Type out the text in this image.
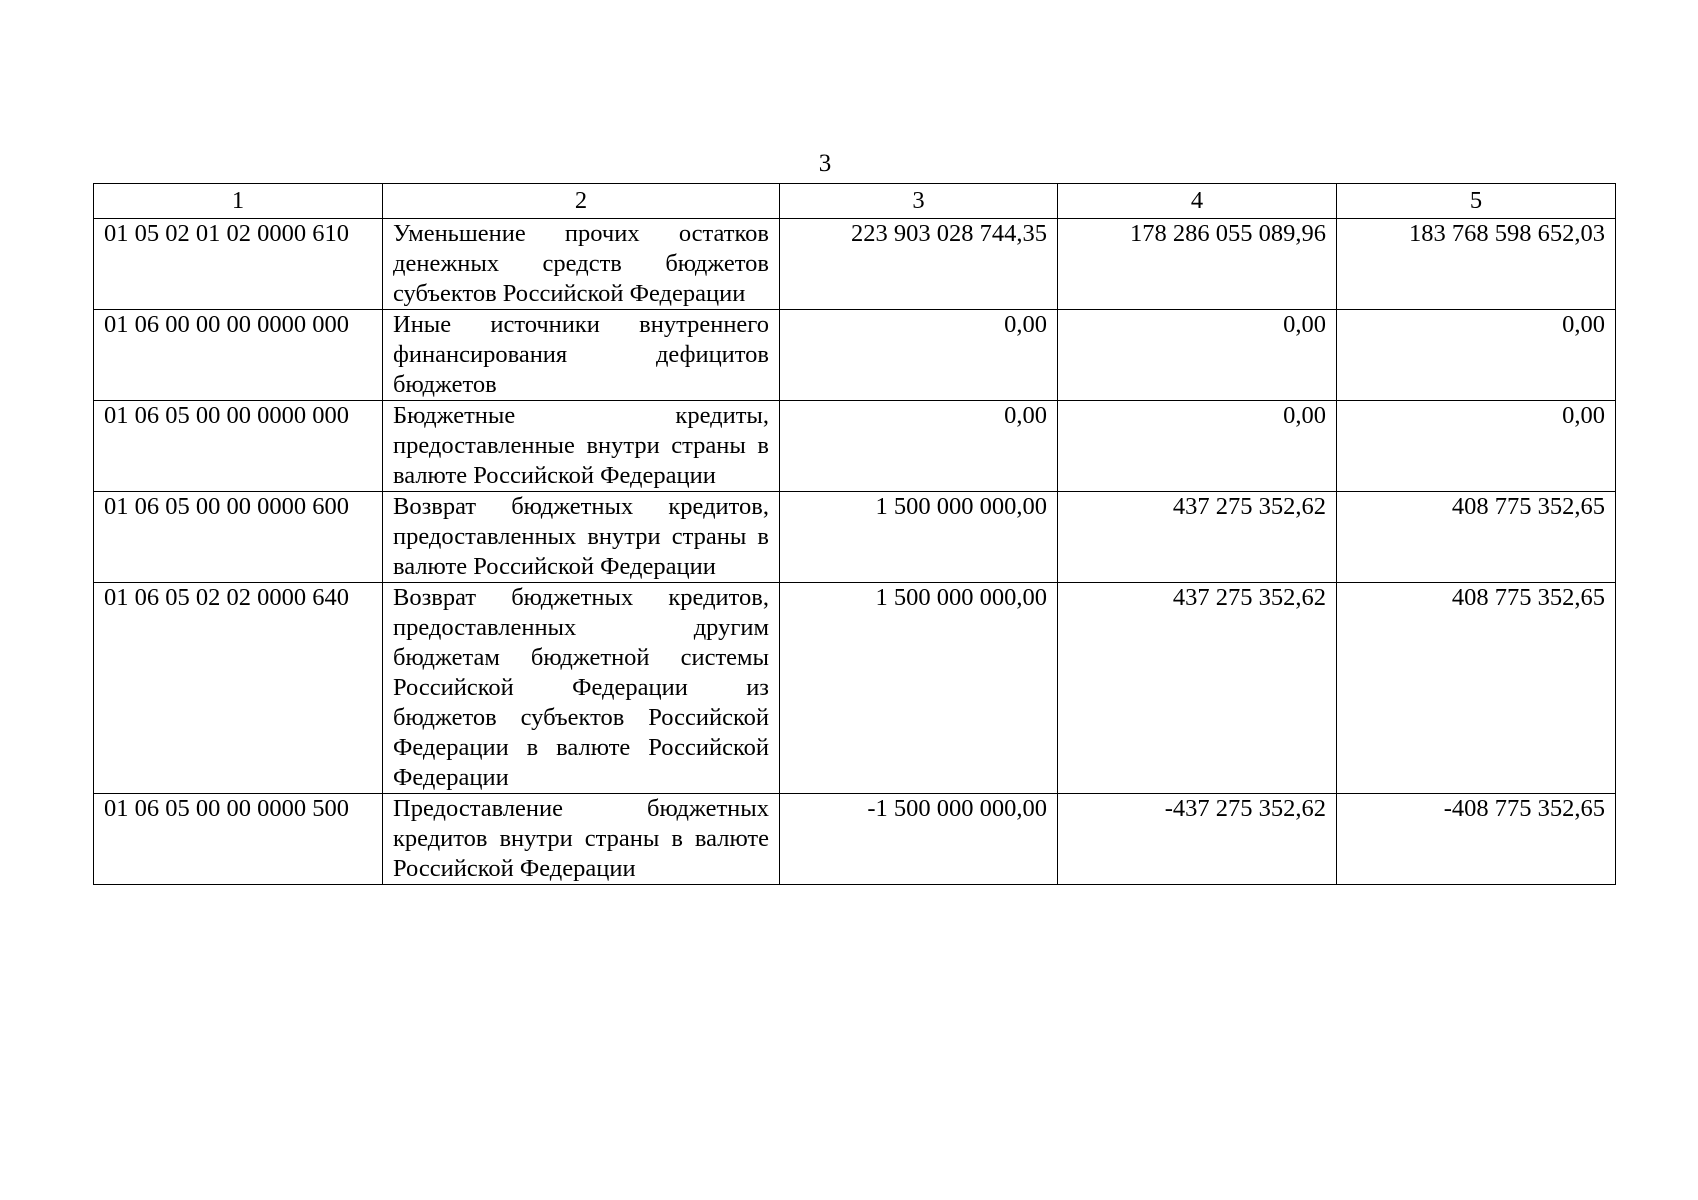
3
1	2	3	4	5
01 05 02 01 02 0000 610	Уменьшение прочих остатков денежных средств бюджетов субъектов Российской Федерации	223 903 028 744,35	178 286 055 089,96	183 768 598 652,03
01 06 00 00 00 0000 000	Иные источники внутреннего финансирования дефицитов бюджетов	0,00	0,00	0,00
01 06 05 00 00 0000 000	Бюджетные кредиты, предоставленные внутри страны в валюте Российской Федерации	0,00	0,00	0,00
01 06 05 00 00 0000 600	Возврат бюджетных кредитов, предоставленных внутри страны в валюте Российской Федерации	1 500 000 000,00	437 275 352,62	408 775 352,65
01 06 05 02 02 0000 640	Возврат бюджетных кредитов, предоставленных другим бюджетам бюджетной системы Российской Федерации из бюджетов субъектов Российской Федерации в валюте Российской Федерации	1 500 000 000,00	437 275 352,62	408 775 352,65
01 06 05 00 00 0000 500	Предоставление бюджетных кредитов внутри страны в валюте Российской Федерации	-1 500 000 000,00	-437 275 352,62	-408 775 352,65
